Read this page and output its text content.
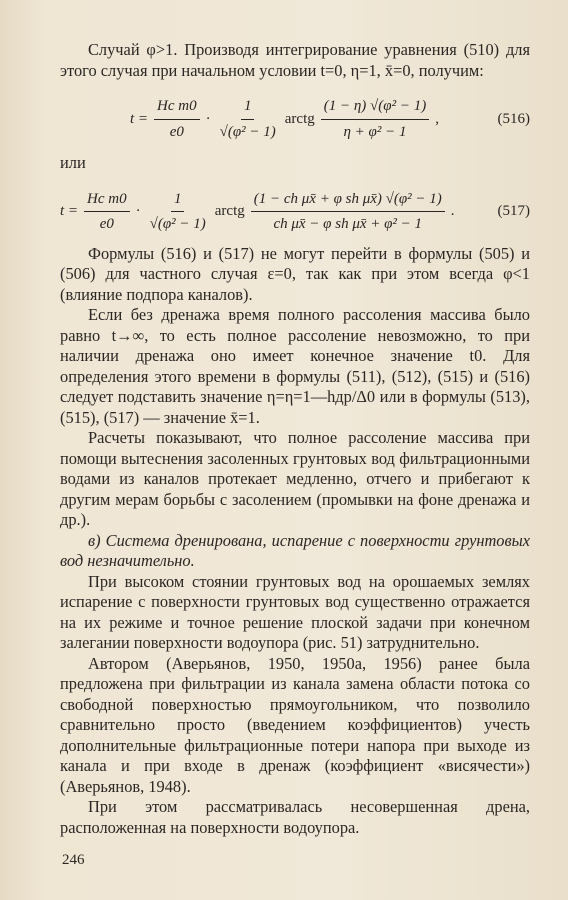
Случай φ>1. Производя интегрирование уравнения (510) для этого случая при начальном условии t=0, η=1, x̄=0, получим:

$t = \frac{\text{Hc m0}}{e0} \cdot \frac{1}{\text{√(φ² − 1)}}$ arctg $\frac{\text{(1 − η) √(φ² − 1)}}{\text{η + φ² − 1}}$ ,	(516)

или

$t = \frac{\text{Hc m0}}{e0} \cdot \frac{1}{\text{√(φ² − 1)}}$ arctg $\frac{\text{(1 − ch μx̄ + φ sh μx̄) √(φ² − 1)}}{\text{ch μx̄ − φ sh μx̄ + φ² − 1}}$ .	(517)

Формулы (516) и (517) не могут перейти в формулы (505) и (506) для частного случая ε=0, так как при этом всегда φ<1 (влияние подпора каналов).

Если без дренажа время полного рассоления массива было равно t→∞, то есть полное рассоление невозможно, то при наличии дренажа оно имеет конечное значение t0. Для определения этого времени в формулы (511), (512), (515) и (516) следует подставить значение η=η=1—hдр/Δ0 или в формулы (513), (515), (517) — значение x̄=1.

Расчеты показывают, что полное рассоление массива при помощи вытеснения засоленных грунтовых вод фильтрационными водами из каналов протекает медленно, отчего и прибегают к другим мерам борьбы с засолением (промывки на фоне дренажа и др.).

в) Система дренирована, испарение с поверхности грунтовых вод незначительно.

При высоком стоянии грунтовых вод на орошаемых землях испарение с поверхности грунтовых вод существенно отражается на их режиме и точное решение плоской задачи при конечном залегании поверхности водоупора (рис. 51) затруднительно.

Автором (Аверьянов, 1950, 1950а, 1956) ранее была предложена при фильтрации из канала замена области потока со свободной поверхностью прямоугольником, что позволило сравнительно просто (введением коэффициентов) учесть дополнительные фильтрационные потери напора при выходе из канала и при входе в дренаж (коэффициент «висячести») (Аверьянов, 1948).

При этом рассматривалась несовершенная дрена, расположенная на поверхности водоупора.

246
